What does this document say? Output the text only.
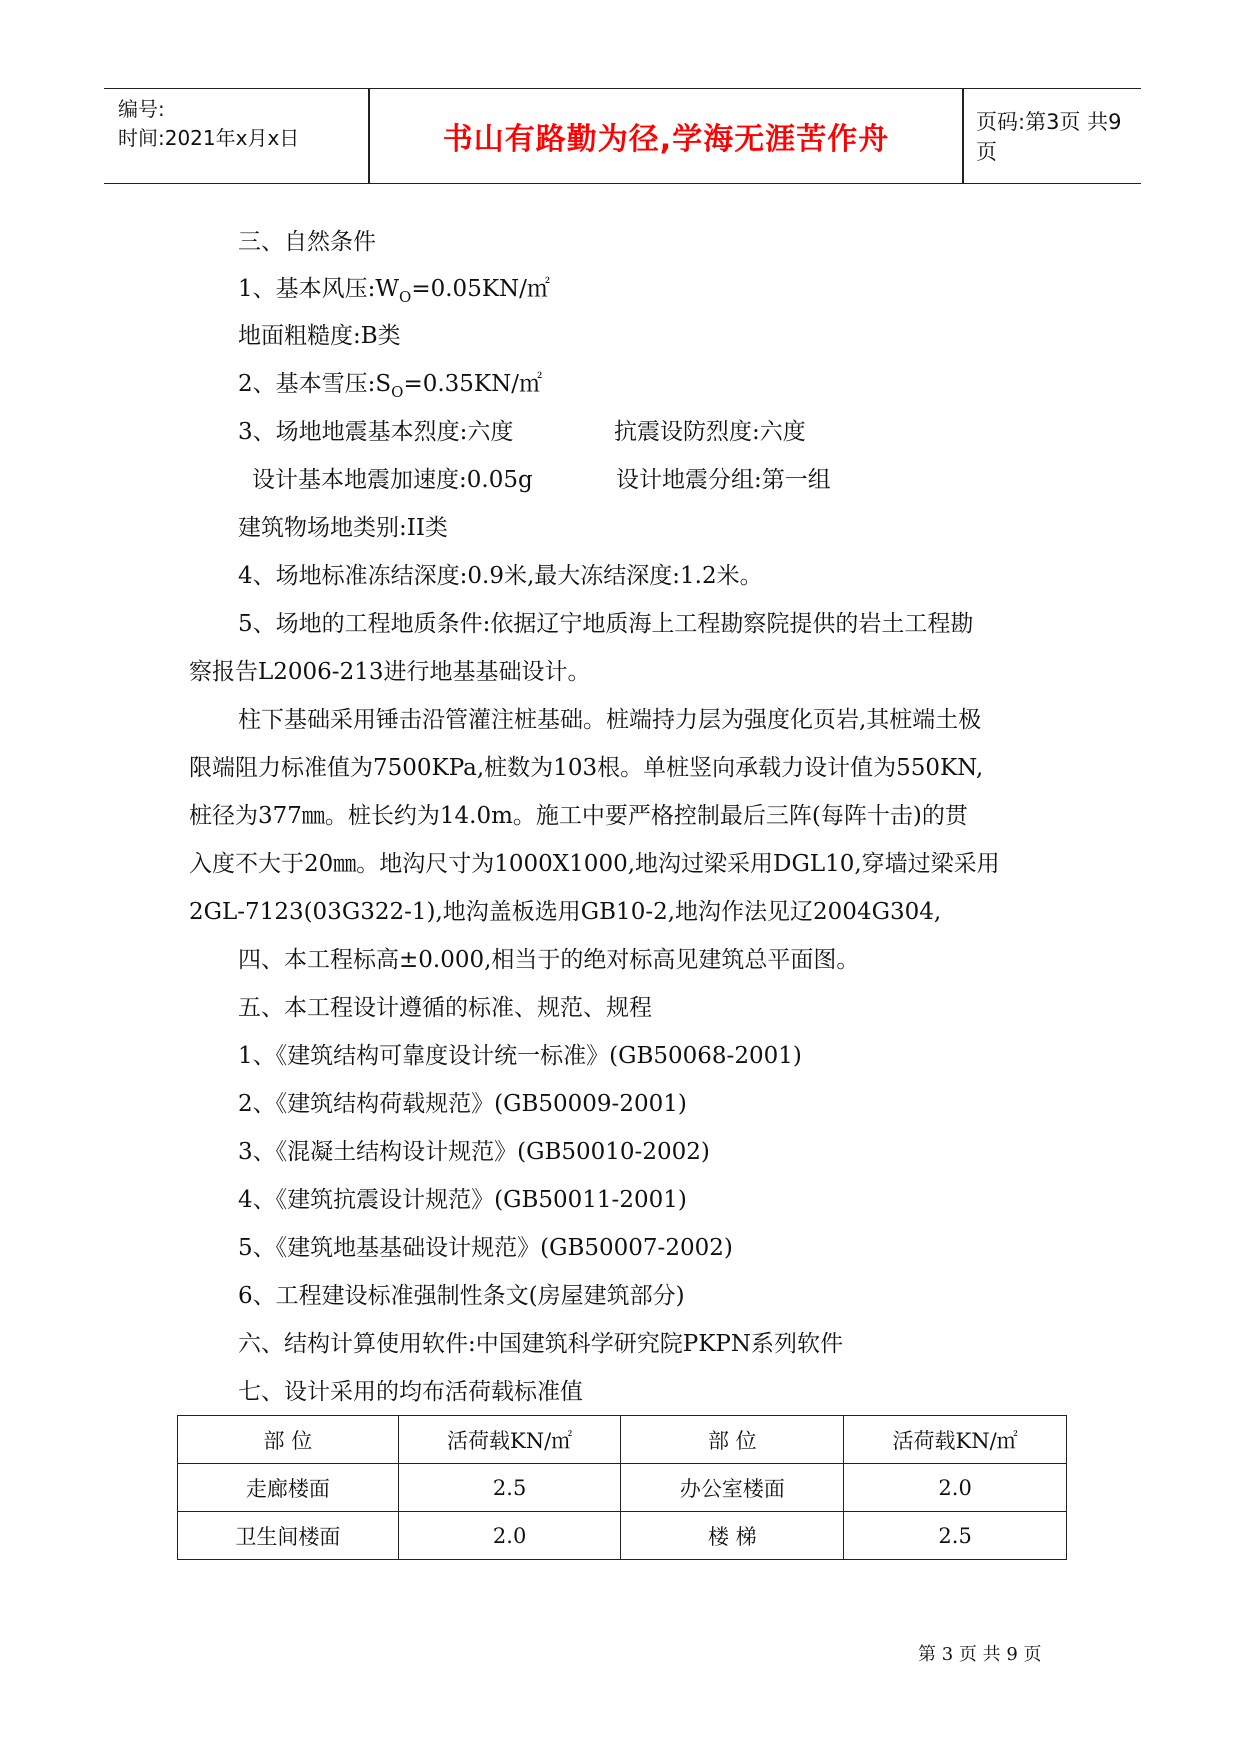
编号:
时间:2021年x月x日	书山有路勤为径,学海无涯苦作舟	页码:第3页 共9页
三、自然条件
1、基本风压$:W_O=0.05KN/㎡$
地面粗糙度:B类
2、基本雪压$:S_O=0.35KN/㎡$
3、场地地震基本烈度:六度	抗震设防烈度:六度
设计基本地震加速度:0.05g	设计地震分组:第一组
建筑物场地类别:II类
4、场地标准冻结深度:0.9米,最大冻结深度:1.2米。
5、场地的工程地质条件:依据辽宁地质海上工程勘察院提供的岩土工程勘
察报告L2006-213进行地基基础设计。
柱下基础采用锤击沿管灌注桩基础。桩端持力层为强度化页岩,其桩端土极
限端阻力标准值为7500KPa,桩数为103根。单桩竖向承载力设计值为550KN,
桩径为377㎜。桩长约为14.0m。施工中要严格控制最后三阵(每阵十击)的贯
入度不大于20㎜。地沟尺寸为1000X1000,地沟过梁采用DGL10,穿墙过梁采用
2GL-7123(03G322-1),地沟盖板选用GB10-2,地沟作法见辽2004G304,
四、本工程标高±0.000,相当于的绝对标高见建筑总平面图。
五、本工程设计遵循的标准、规范、规程
1、《建筑结构可靠度设计统一标准》(GB50068-2001)
2、《建筑结构荷载规范》(GB50009-2001)
3、《混凝土结构设计规范》(GB50010-2002)
4、《建筑抗震设计规范》(GB50011-2001)
5、《建筑地基基础设计规范》(GB50007-2002)
6、工程建设标准强制性条文(房屋建筑部分)
六、结构计算使用软件:中国建筑科学研究院PKPN系列软件
七、设计采用的均布活荷载标准值
部 位	活荷载KN/㎡	部 位	活荷载KN/㎡
走廊楼面	2.5	办公室楼面	2.0
卫生间楼面	2.0	楼 梯	2.5
第 3 页 共 9 页
